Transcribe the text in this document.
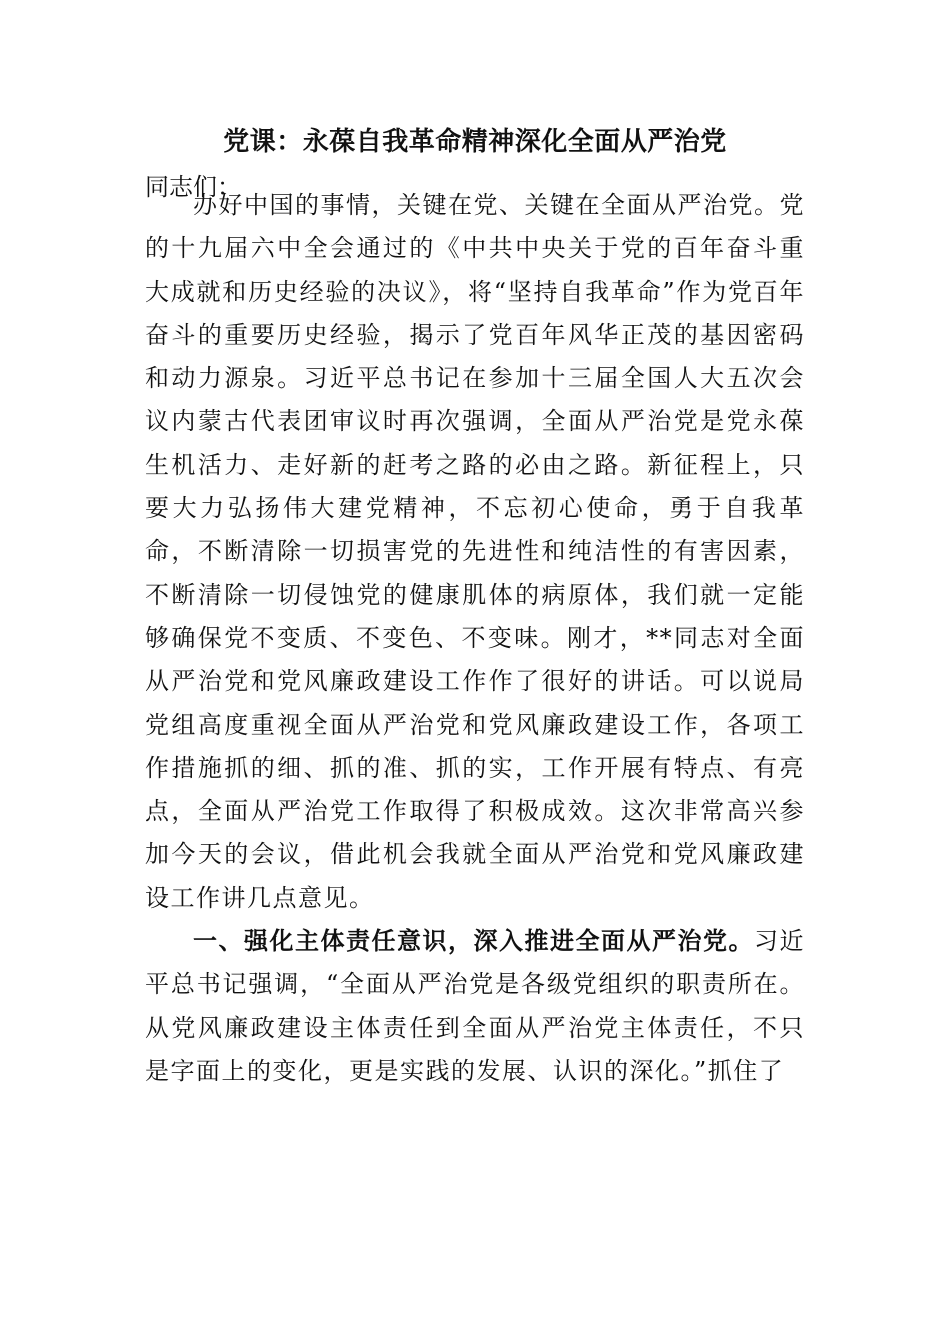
党课：永葆自我革命精神深化全面从严治党
同志们：

办好中国的事情，关键在党、关键在全面从严治党。党的十九届六中全会通过的《中共中央关于党的百年奋斗重大成就和历史经验的决议》，将“坚持自我革命”作为党百年奋斗的重要历史经验，揭示了党百年风华正茂的基因密码和动力源泉。习近平总书记在参加十三届全国人大五次会议内蒙古代表团审议时再次强调，全面从严治党是党永葆生机活力、走好新的赶考之路的必由之路。新征程上，只要大力弘扬伟大建党精神，不忘初心使命，勇于自我革命，不断清除一切损害党的先进性和纯洁性的有害因素，不断清除一切侵蚀党的健康肌体的病原体，我们就一定能够确保党不变质、不变色、不变味。刚才，**同志对全面从严治党和党风廉政建设工作作了很好的讲话。可以说局党组高度重视全面从严治党和党风廉政建设工作，各项工作措施抓的细、抓的准、抓的实，工作开展有特点、有亮点，全面从严治党工作取得了积极成效。这次非常高兴参加今天的会议，借此机会我就全面从严治党和党风廉政建设工作讲几点意见。

一、强化主体责任意识，深入推进全面从严治党。习近平总书记强调，“全面从严治党是各级党组织的职责所在。从党风廉政建设主体责任到全面从严治党主体责任，不只是字面上的变化，更是实践的发展、认识的深化。”抓住了
